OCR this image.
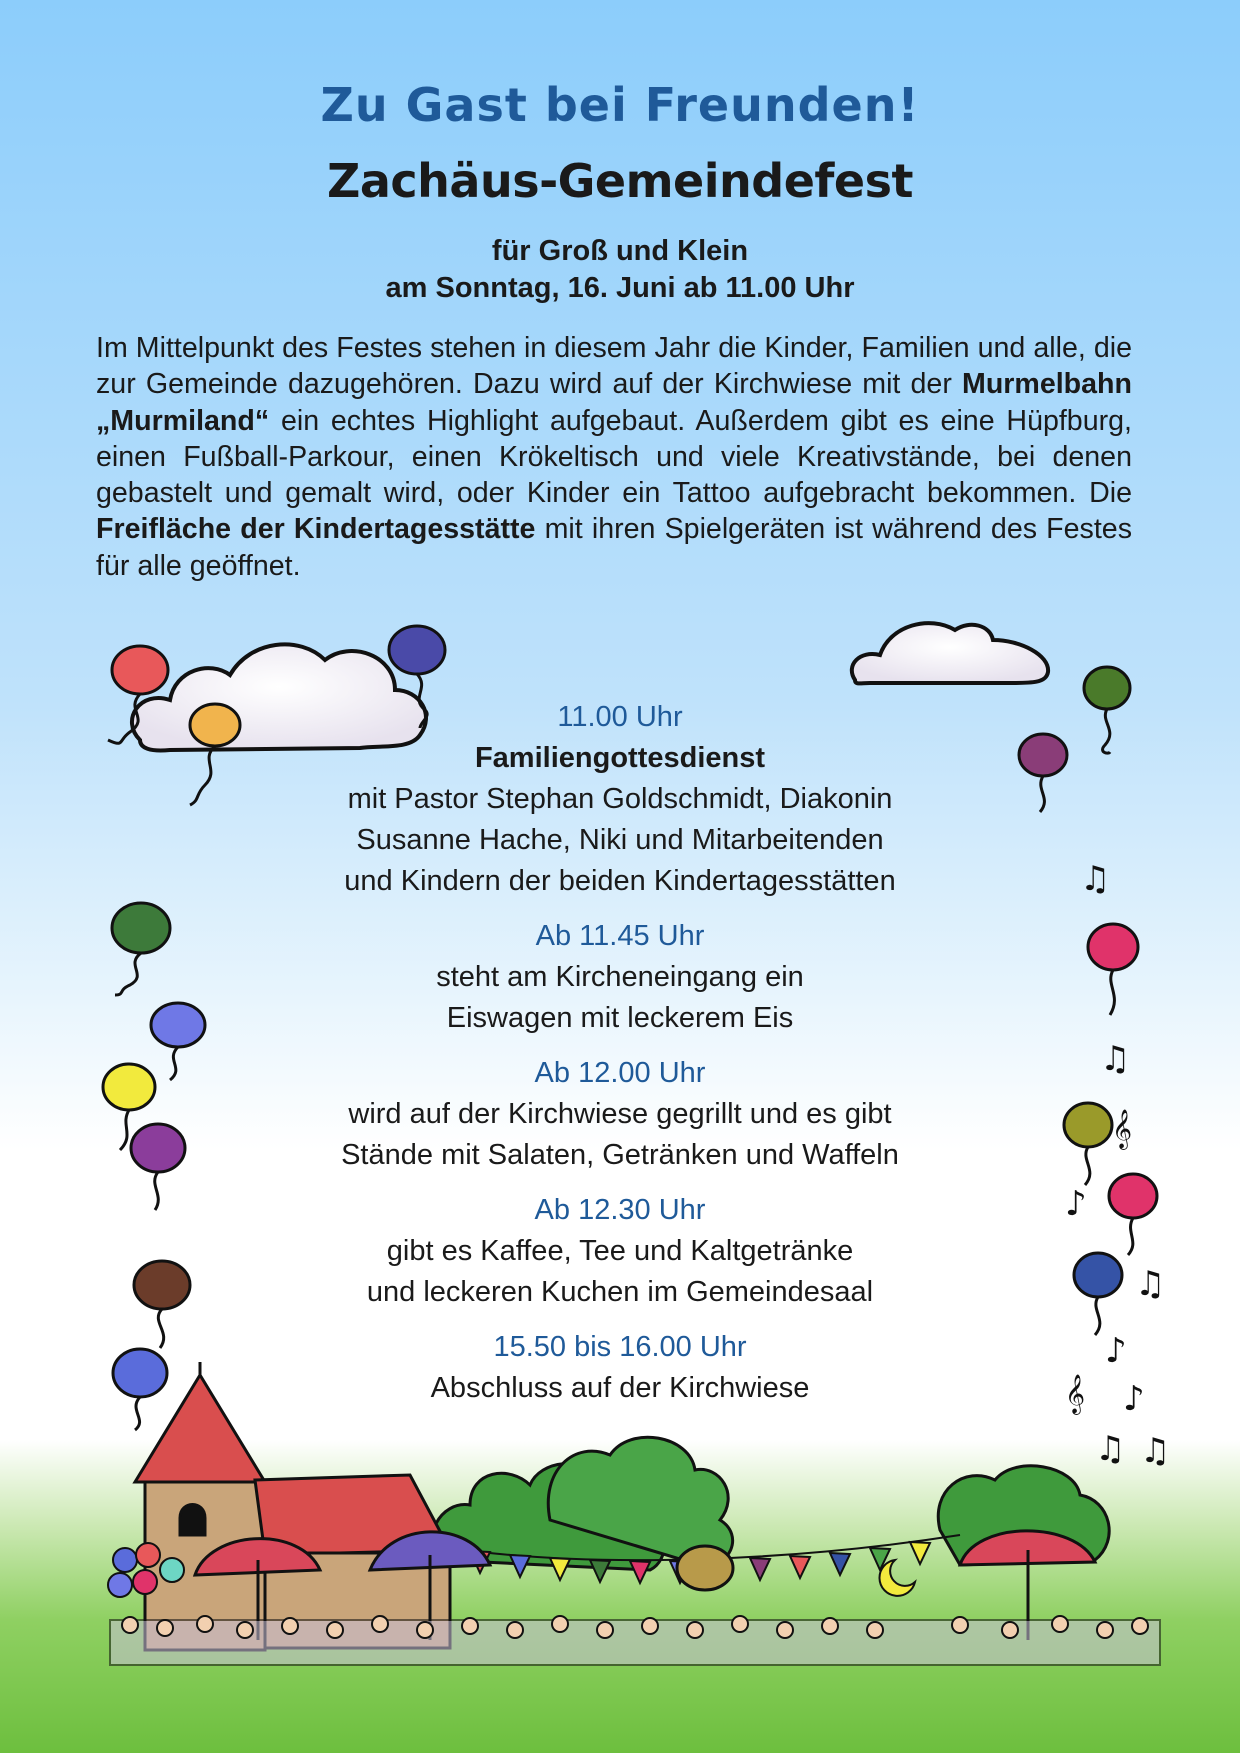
♫
♫
𝄞
♪
♫
♪
𝄞 ♪
♫ ♫
Zu Gast bei Freunden!
Zachäus-Gemeindefest
für Groß und Klein
am Sonntag, 16. Juni ab 11.00 Uhr

Im Mittelpunkt des Festes stehen in diesem Jahr die Kinder, Familien und alle, die zur Gemeinde dazugehören. Dazu wird auf der Kirchwiese mit der Murmelbahn „Murmiland“ ein echtes Highlight aufgebaut. Außerdem gibt es eine Hüpfburg, einen Fußball-Parkour, einen Krökeltisch und viele Kreativstände, bei denen gebastelt und gemalt wird, oder Kinder ein Tattoo aufgebracht bekommen. Die Freifläche der Kindertagesstätte mit ihren Spielgeräten ist während des Festes für alle geöffnet.

11.00 Uhr
Familiengottesdienst
mit Pastor Stephan Goldschmidt, Diakonin
Susanne Hache, Niki und Mitarbeitenden
und Kindern der beiden Kindertagesstätten
Ab 11.45 Uhr
steht am Kircheneingang ein
Eiswagen mit leckerem Eis
Ab 12.00 Uhr
wird auf der Kirchwiese gegrillt und es gibt
Stände mit Salaten, Getränken und Waffeln
Ab 12.30 Uhr
gibt es Kaffee, Tee und Kaltgetränke
und leckeren Kuchen im Gemeindesaal
15.50 bis 16.00 Uhr
Abschluss auf der Kirchwiese
